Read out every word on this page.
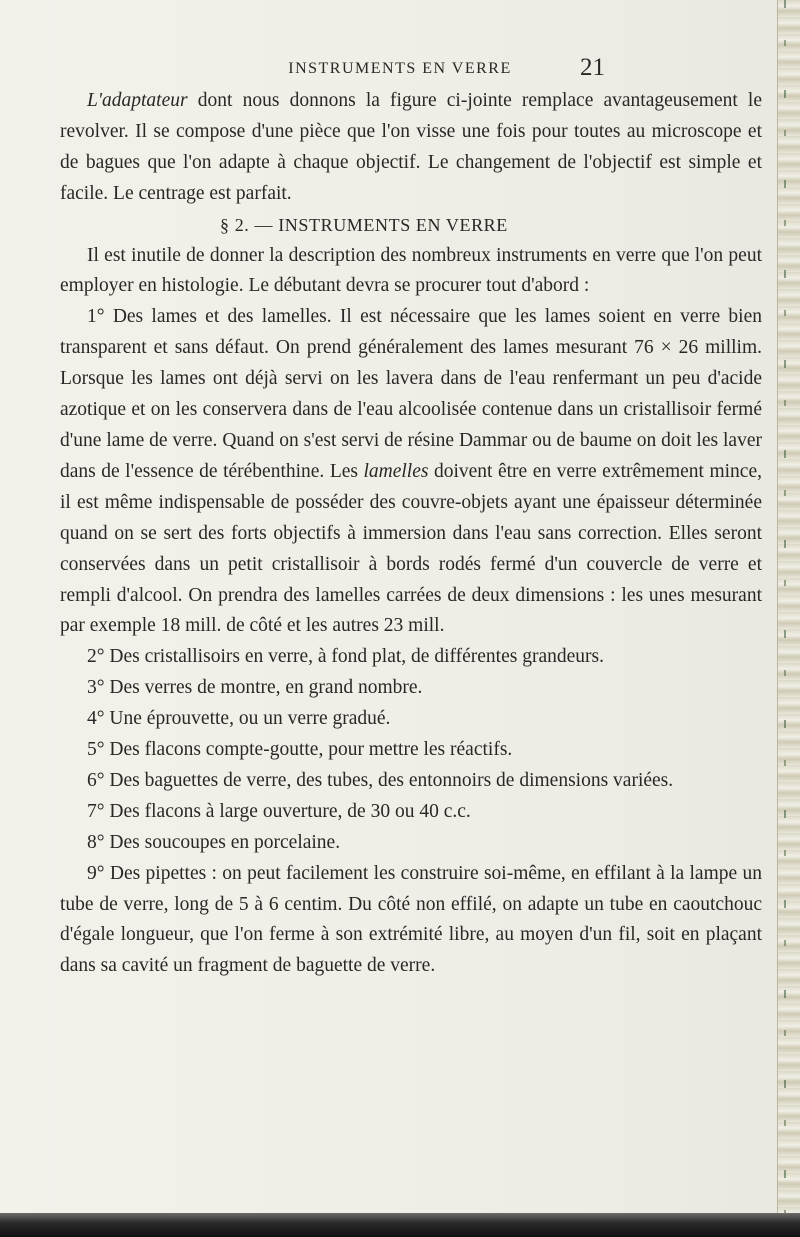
INSTRUMENTS EN VERRE	21

L'adaptateur dont nous donnons la figure ci-jointe remplace avantageusement le revolver. Il se compose d'une pièce que l'on visse une fois pour toutes au microscope et de bagues que l'on adapte à chaque objectif. Le changement de l'objectif est simple et facile. Le centrage est parfait.

§ 2. — INSTRUMENTS EN VERRE

Il est inutile de donner la description des nombreux instruments en verre que l'on peut employer en histologie. Le débutant devra se procurer tout d'abord :

1° Des lames et des lamelles. Il est nécessaire que les lames soient en verre bien transparent et sans défaut. On prend généralement des lames mesurant 76 × 26 millim. Lorsque les lames ont déjà servi on les lavera dans de l'eau renfermant un peu d'acide azotique et on les conservera dans de l'eau alcoolisée contenue dans un cristallisoir fermé d'une lame de verre. Quand on s'est servi de résine Dammar ou de baume on doit les laver dans de l'essence de térébenthine. Les lamelles doivent être en verre extrêmement mince, il est même indispensable de posséder des couvre-objets ayant une épaisseur déterminée quand on se sert des forts objectifs à immersion dans l'eau sans correction. Elles seront conservées dans un petit cristallisoir à bords rodés fermé d'un couvercle de verre et rempli d'alcool. On prendra des lamelles carrées de deux dimensions : les unes mesurant par exemple 18 mill. de côté et les autres 23 mill.

2° Des cristallisoirs en verre, à fond plat, de différentes grandeurs.

3° Des verres de montre, en grand nombre.

4° Une éprouvette, ou un verre gradué.

5° Des flacons compte-goutte, pour mettre les réactifs.

6° Des baguettes de verre, des tubes, des entonnoirs de dimensions variées.

7° Des flacons à large ouverture, de 30 ou 40 c.c.

8° Des soucoupes en porcelaine.

9° Des pipettes : on peut facilement les construire soi-même, en effilant à la lampe un tube de verre, long de 5 à 6 centim. Du côté non effilé, on adapte un tube en caoutchouc d'égale longueur, que l'on ferme à son extrémité libre, au moyen d'un fil, soit en plaçant dans sa cavité un fragment de baguette de verre.
